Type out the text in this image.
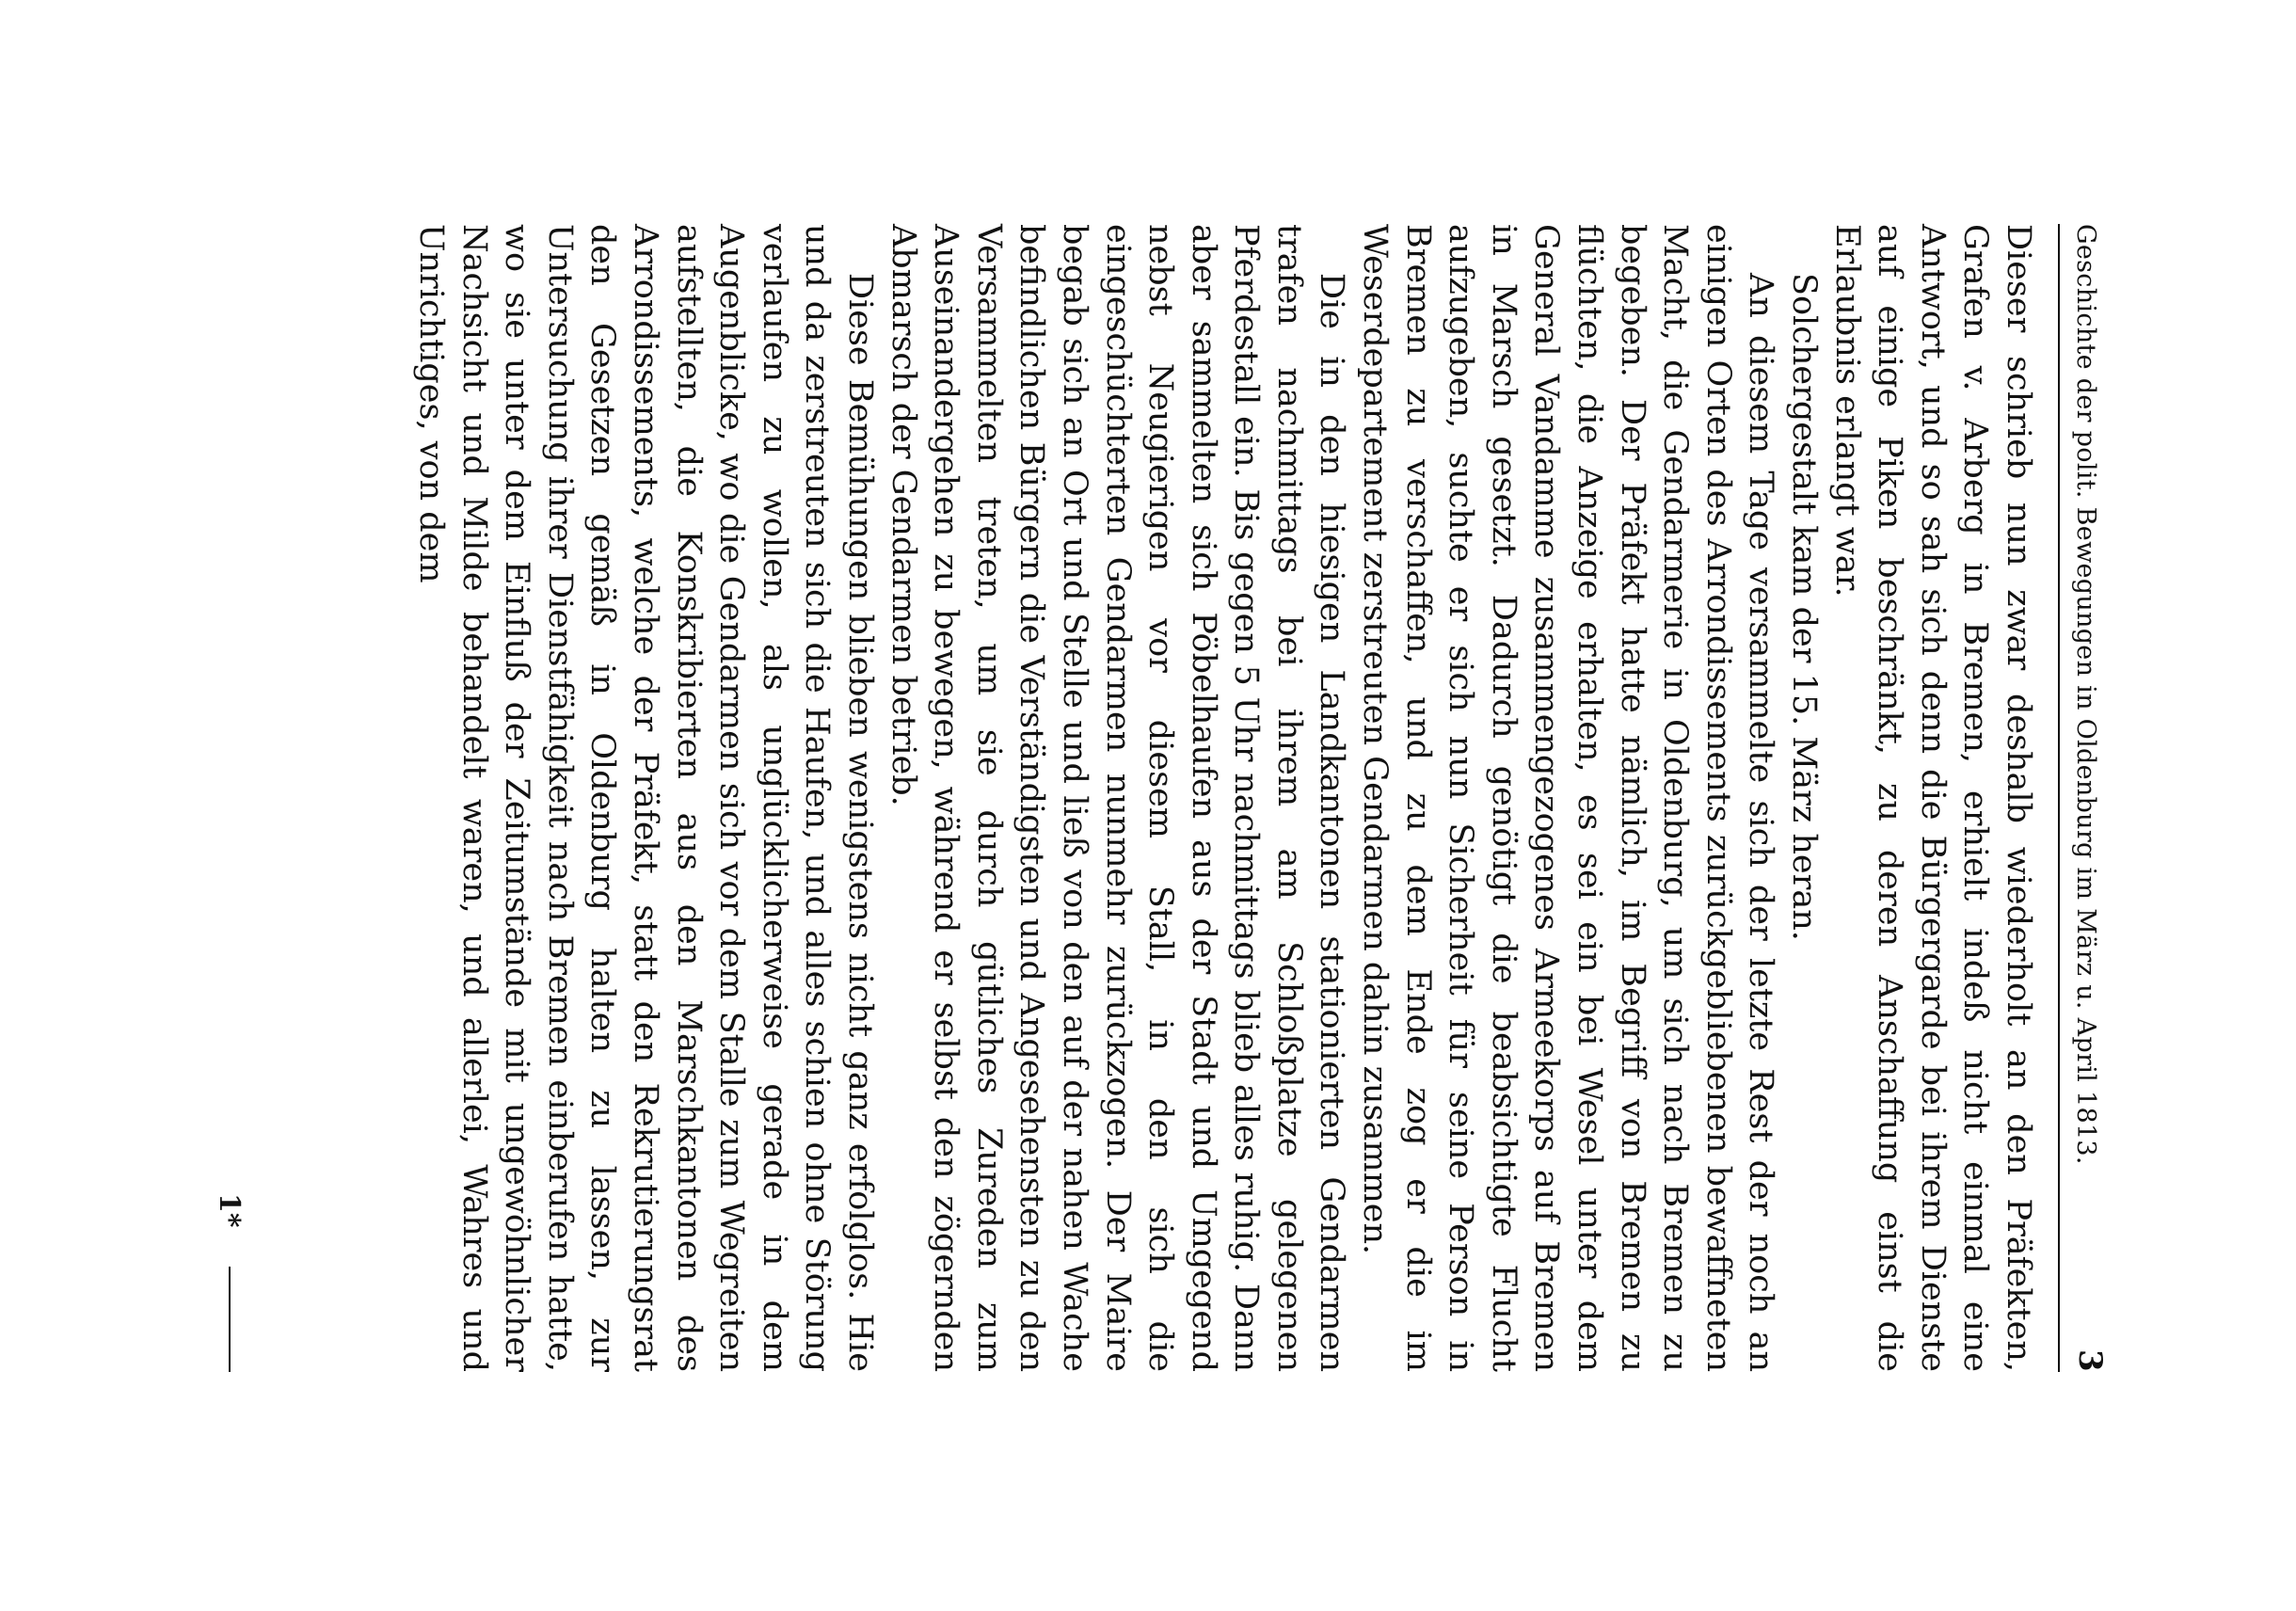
Geschichte der polit. Bewegungen in Oldenburg im März u. April 1813.
3

Dieser schrieb nun zwar deshalb wiederholt an den Präfekten, Grafen v. Arberg in Bremen, erhielt indeß nicht einmal eine Antwort, und so sah sich denn die Bürgergarde bei ihrem Dienste auf einige Piken beschränkt, zu deren Anschaffung einst die Erlaubnis erlangt war.

Solchergestalt kam der 15. März heran.

An diesem Tage versammelte sich der letzte Rest der noch an einigen Orten des Arrondissements zurückgebliebenen bewaffneten Macht, die Gendarmerie in Oldenburg, um sich nach Bremen zu begeben. Der Präfekt hatte nämlich, im Begriff von Bremen zu flüchten, die Anzeige erhalten, es sei ein bei Wesel unter dem General Vandamme zusammengezogenes Armeekorps auf Bremen in Marsch gesetzt. Dadurch genötigt die beabsichtigte Flucht aufzugeben, suchte er sich nun Sicherheit für seine Person in Bremen zu verschaffen, und zu dem Ende zog er die im Weserdepartement zerstreuten Gendarmen dahin zusammen.

Die in den hiesigen Landkantonen stationierten Gendarmen trafen nachmittags bei ihrem am Schloßplatze gelegenen Pferdestall ein. Bis gegen 5 Uhr nachmittags blieb alles ruhig. Dann aber sammelten sich Pöbelhaufen aus der Stadt und Umgegend nebst Neugierigen vor diesem Stall, in den sich die eingeschüchterten Gendarmen nunmehr zurückzogen. Der Maire begab sich an Ort und Stelle und ließ von den auf der nahen Wache befindlichen Bürgern die Verständigsten und Angesehensten zu den Versammelten treten, um sie durch gütliches Zureden zum Auseinandergehen zu bewegen, während er selbst den zögernden Abmarsch der Gendarmen betrieb.

Diese Bemühungen blieben wenigstens nicht ganz erfolglos. Hie und da zerstreuten sich die Haufen, und alles schien ohne Störung verlaufen zu wollen, als unglücklicherweise gerade in dem Augenblicke, wo die Gendarmen sich vor dem Stalle zum Wegreiten aufstellten, die Konskribierten aus den Marschkantonen des Arrondissements, welche der Präfekt, statt den Rekrutierungsrat den Gesetzen gemäß in Oldenburg halten zu lassen, zur Untersuchung ihrer Dienstfähigkeit nach Bremen einberufen hatte, wo sie unter dem Einfluß der Zeitumstände mit ungewöhnlicher Nachsicht und Milde behandelt waren, und allerlei, Wahres und Unrichtiges, von dem

1*
